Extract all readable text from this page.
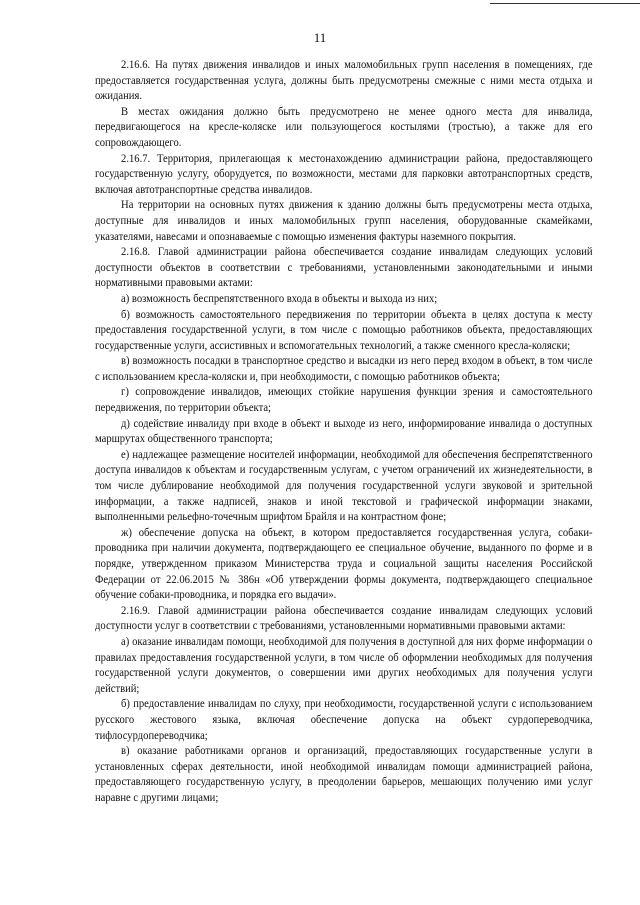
11

2.16.6. На путях движения инвалидов и иных маломобильных групп населения в помещениях, где предоставляется государственная услуга, должны быть предусмотрены смежные с ними места отдыха и ожидания.

В местах ожидания должно быть предусмотрено не менее одного места для инвалида, передвигающегося на кресле-коляске или пользующегося костылями (тростью), а также для его сопровождающего.

2.16.7. Территория, прилегающая к местонахождению администрации района, предоставляющего государственную услугу, оборудуется, по возможности, местами для парковки автотранспортных средств, включая автотранспортные средства инвалидов.

На территории на основных путях движения к зданию должны быть предусмотрены места отдыха, доступные для инвалидов и иных маломобильных групп населения, оборудованные скамейками, указателями, навесами и опознаваемые с помощью изменения фактуры наземного покрытия.

2.16.8. Главой администрации района обеспечивается создание инвалидам следующих условий доступности объектов в соответствии с требованиями, установленными законодательными и иными нормативными правовыми актами:

а) возможность беспрепятственного входа в объекты и выхода из них;

б) возможность самостоятельного передвижения по территории объекта в целях доступа к месту предоставления государственной услуги, в том числе с помощью работников объекта, предоставляющих государственные услуги, ассистивных и вспомогательных технологий, а также сменного кресла-коляски;

в) возможность посадки в транспортное средство и высадки из него перед входом в объект, в том числе с использованием кресла-коляски и, при необходимости, с помощью работников объекта;

г) сопровождение инвалидов, имеющих стойкие нарушения функции зрения и самостоятельного передвижения, по территории объекта;

д) содействие инвалиду при входе в объект и выходе из него, информирование инвалида о доступных маршрутах общественного транспорта;

е) надлежащее размещение носителей информации, необходимой для обеспечения беспрепятственного доступа инвалидов к объектам и государственным услугам, с учетом ограничений их жизнедеятельности, в том числе дублирование необходимой для получения государственной услуги звуковой и зрительной информации, а также надписей, знаков и иной текстовой и графической информации знаками, выполненными рельефно-точечным шрифтом Брайля и на контрастном фоне;

ж) обеспечение допуска на объект, в котором предоставляется государственная услуга, собаки-проводника при наличии документа, подтверждающего ее специальное обучение, выданного по форме и в порядке, утвержденном приказом Министерства труда и социальной защиты населения Российской Федерации от 22.06.2015 № 386н «Об утверждении формы документа, подтверждающего специальное обучение собаки-проводника, и порядка его выдачи».

2.16.9. Главой администрации района обеспечивается создание инвалидам следующих условий доступности услуг в соответствии с требованиями, установленными нормативными правовыми актами:

а) оказание инвалидам помощи, необходимой для получения в доступной для них форме информации о правилах предоставления государственной услуги, в том числе об оформлении необходимых для получения государственной услуги документов, о совершении ими других необходимых для получения услуги действий;

б) предоставление инвалидам по слуху, при необходимости, государственной услуги с использованием русского жестового языка, включая обеспечение допуска на объект сурдопереводчика, тифлосурдопереводчика;

в) оказание работниками органов и организаций, предоставляющих государственные услуги в установленных сферах деятельности, иной необходимой инвалидам помощи администрацией района, предоставляющего государственную услугу, в преодолении барьеров, мешающих получению ими услуг наравне с другими лицами;
